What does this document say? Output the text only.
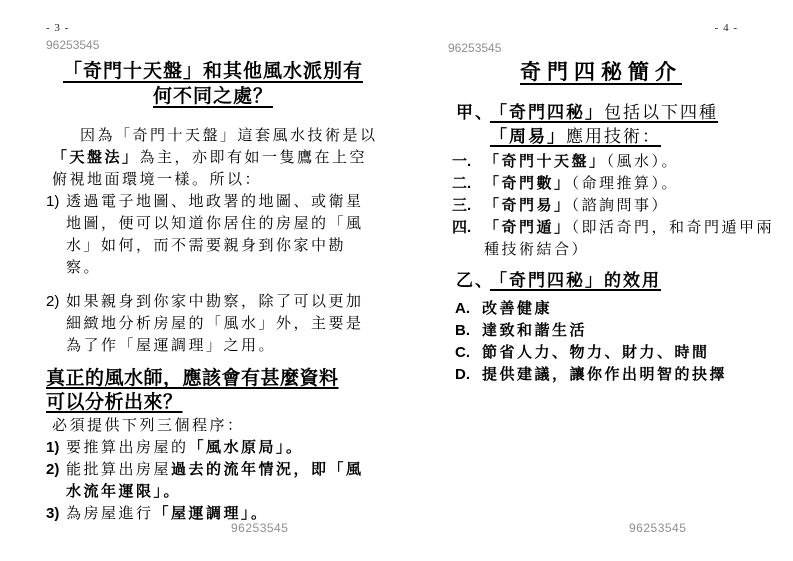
- 3 -
96253545
「奇門十天盤」和其他風水派別有
何不同之處？

因為「奇門十天盤」這套風水技術是以「天盤法」為主，亦即有如一隻鷹在上空俯視地面環境一樣。所以：

1) 透過電子地圖、地政署的地圖、或衛星地圖，便可以知道你居住的房屋的「風水」如何，而不需要親身到你家中勘察。
2) 如果親身到你家中勘察，除了可以更加細緻地分析房屋的「風水」外，主要是為了作「屋運調理」之用。
真正的風水師，應該會有甚麼資料
可以分析出來？
必須提供下列三個程序：
1) 要推算出房屋的「風水原局」。
2) 能批算出房屋過去的流年情況，即「風水流年運限」。
3) 為房屋進行「屋運調理」。
- 4 -
96253545
奇門四秘簡介
甲、
「奇門四秘」包括以下四種
「周易」應用技術：
一. 「奇門十天盤」（風水）。
二. 「奇門數」（命理推算）。
三. 「奇門易」（諮詢問事）
四. 「奇門遁」（即活奇門，和奇門遁甲兩種技術結合）
乙、
「奇門四秘」的效用
A. 改善健康
B. 達致和諧生活
C. 節省人力、物力、財力、時間
D. 提供建議，讓你作出明智的抉擇
96253545	96253545
